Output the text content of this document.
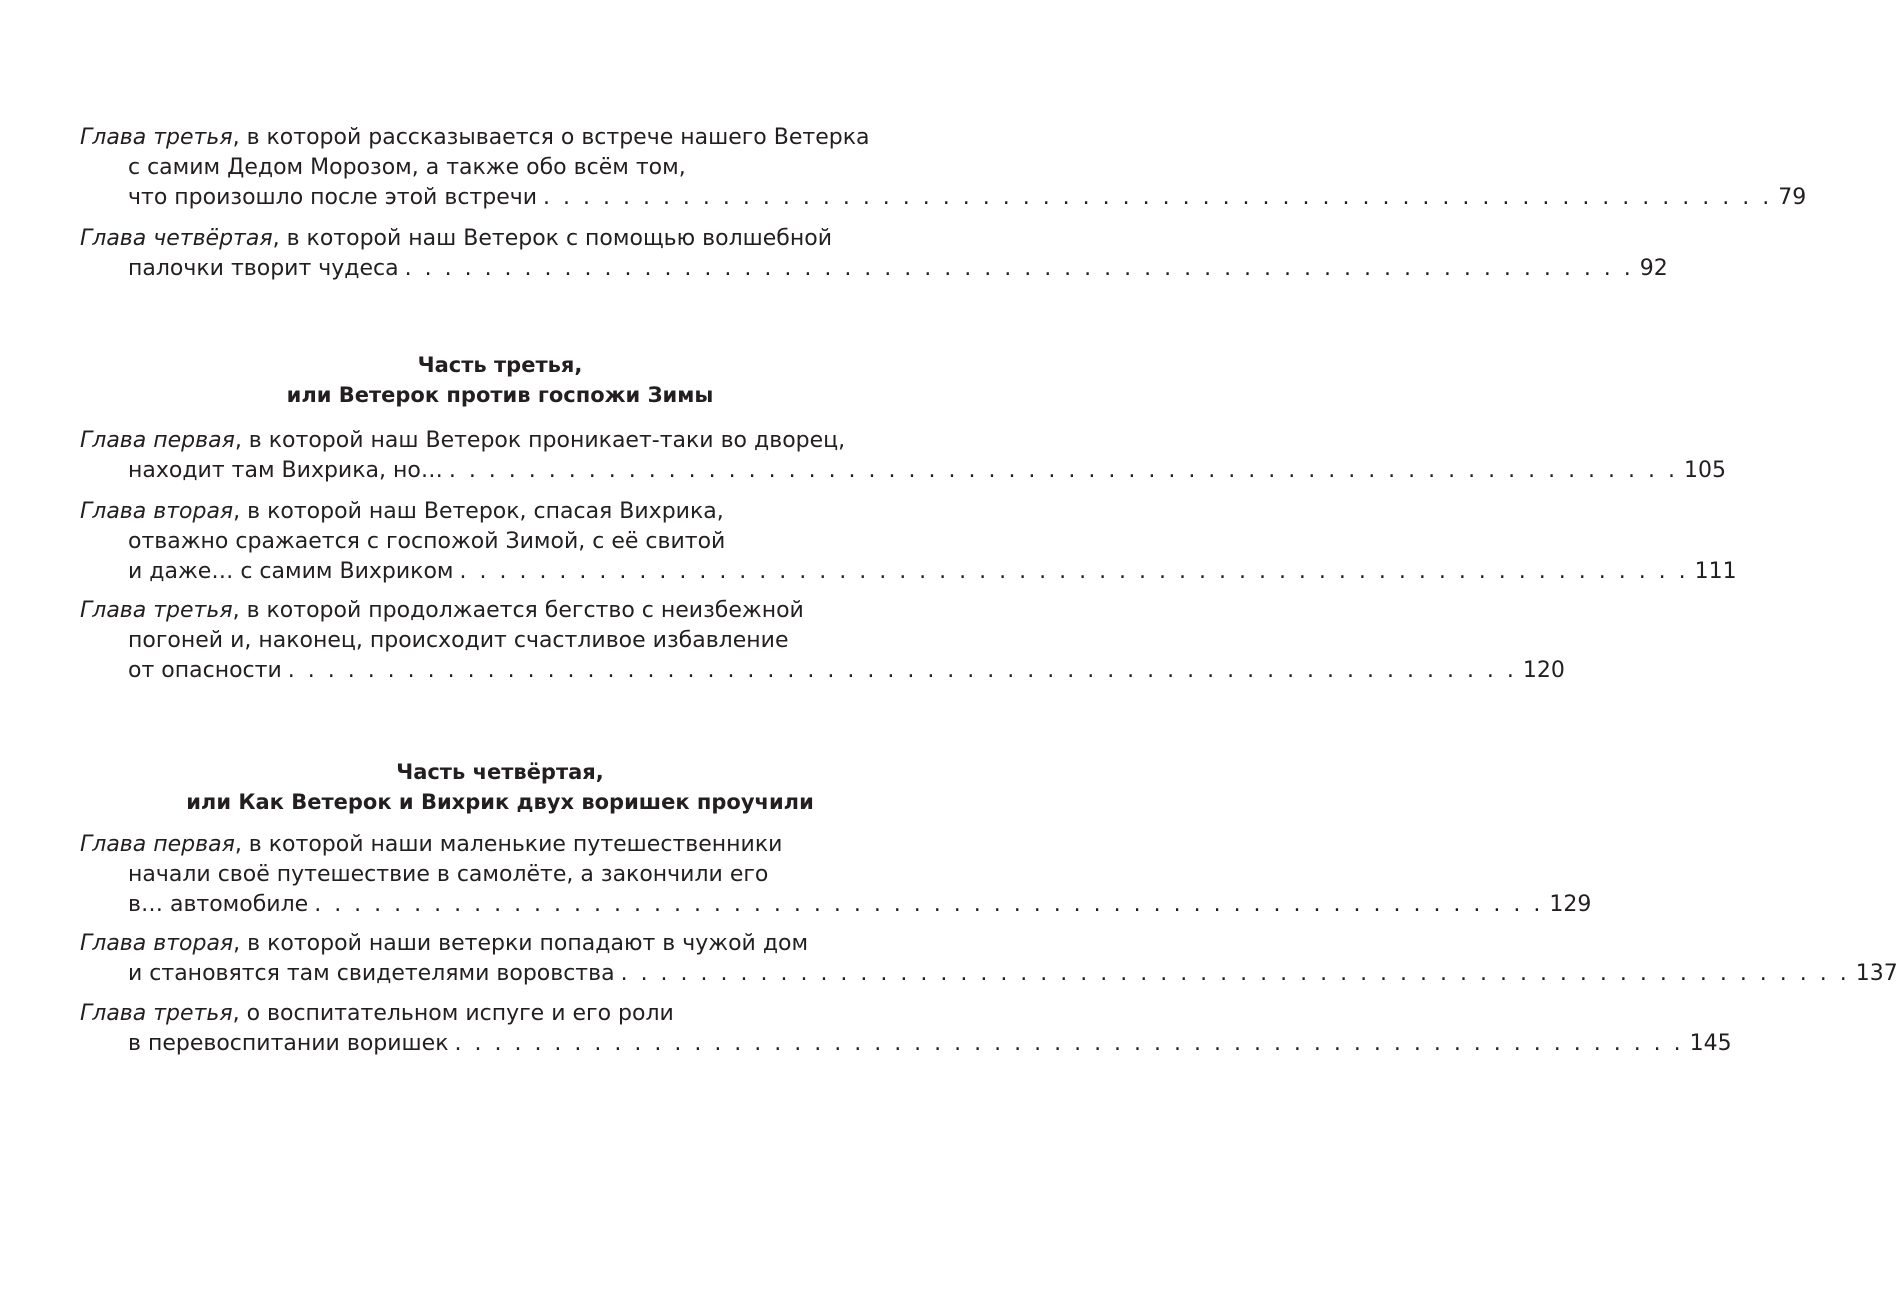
Глава третья, в которой рассказывается о встрече нашего Ветерка
с самим Дедом Морозом, а также обо всём том,
что произошло после этой встречи . . . . . . . . . . . . . . . . . . . . . . . . . . . . . . . . . . . . . . . . . . . . . . . . . . . . . . . . . . . . . . 79
Глава четвёртая, в которой наш Ветерок с помощью волшебной
палочки творит чудеса . . . . . . . . . . . . . . . . . . . . . . . . . . . . . . . . . . . . . . . . . . . . . . . . . . . . . . . . . . . . . . 92
Часть третья,
или Ветерок против госпожи Зимы
Глава первая, в которой наш Ветерок проникает-таки во дворец,
находит там Вихрика, но… . . . . . . . . . . . . . . . . . . . . . . . . . . . . . . . . . . . . . . . . . . . . . . . . . . . . . . . . . . . . . . 105
Глава вторая, в которой наш Ветерок, спасая Вихрика,
отважно сражается с госпожой Зимой, с её свитой
и даже… с самим Вихриком . . . . . . . . . . . . . . . . . . . . . . . . . . . . . . . . . . . . . . . . . . . . . . . . . . . . . . . . . . . . . . 111
Глава третья, в которой продолжается бегство с неизбежной
погоней и, наконец, происходит счастливое избавление
от опасности . . . . . . . . . . . . . . . . . . . . . . . . . . . . . . . . . . . . . . . . . . . . . . . . . . . . . . . . . . . . . . 120
Часть четвёртая,
или Как Ветерок и Вихрик двух воришек проучили
Глава первая, в которой наши маленькие путешественники
начали своё путешествие в самолёте, а закончили его
в… автомобиле . . . . . . . . . . . . . . . . . . . . . . . . . . . . . . . . . . . . . . . . . . . . . . . . . . . . . . . . . . . . . . 129
Глава вторая, в которой наши ветерки попадают в чужой дом
и становятся там свидетелями воровства . . . . . . . . . . . . . . . . . . . . . . . . . . . . . . . . . . . . . . . . . . . . . . . . . . . . . . . . . . . . . . 137
Глава третья, о воспитательном испуге и его роли
в перевоспитании воришек . . . . . . . . . . . . . . . . . . . . . . . . . . . . . . . . . . . . . . . . . . . . . . . . . . . . . . . . . . . . . . 145
